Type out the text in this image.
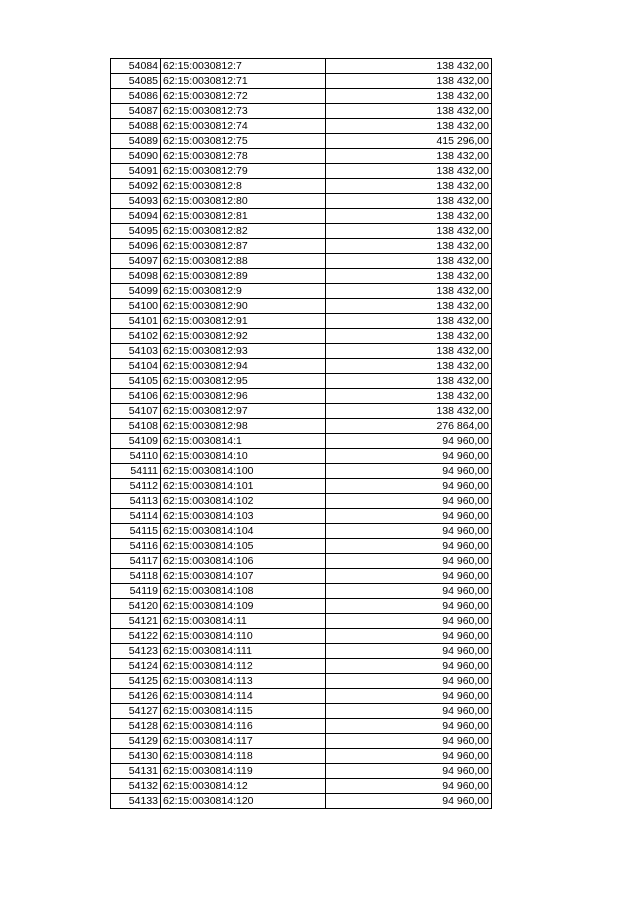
54084	62:15:0030812:7	138 432,00
54085	62:15:0030812:71	138 432,00
54086	62:15:0030812:72	138 432,00
54087	62:15:0030812:73	138 432,00
54088	62:15:0030812:74	138 432,00
54089	62:15:0030812:75	415 296,00
54090	62:15:0030812:78	138 432,00
54091	62:15:0030812:79	138 432,00
54092	62:15:0030812:8	138 432,00
54093	62:15:0030812:80	138 432,00
54094	62:15:0030812:81	138 432,00
54095	62:15:0030812:82	138 432,00
54096	62:15:0030812:87	138 432,00
54097	62:15:0030812:88	138 432,00
54098	62:15:0030812:89	138 432,00
54099	62:15:0030812:9	138 432,00
54100	62:15:0030812:90	138 432,00
54101	62:15:0030812:91	138 432,00
54102	62:15:0030812:92	138 432,00
54103	62:15:0030812:93	138 432,00
54104	62:15:0030812:94	138 432,00
54105	62:15:0030812:95	138 432,00
54106	62:15:0030812:96	138 432,00
54107	62:15:0030812:97	138 432,00
54108	62:15:0030812:98	276 864,00
54109	62:15:0030814:1	94 960,00
54110	62:15:0030814:10	94 960,00
54111	62:15:0030814:100	94 960,00
54112	62:15:0030814:101	94 960,00
54113	62:15:0030814:102	94 960,00
54114	62:15:0030814:103	94 960,00
54115	62:15:0030814:104	94 960,00
54116	62:15:0030814:105	94 960,00
54117	62:15:0030814:106	94 960,00
54118	62:15:0030814:107	94 960,00
54119	62:15:0030814:108	94 960,00
54120	62:15:0030814:109	94 960,00
54121	62:15:0030814:11	94 960,00
54122	62:15:0030814:110	94 960,00
54123	62:15:0030814:111	94 960,00
54124	62:15:0030814:112	94 960,00
54125	62:15:0030814:113	94 960,00
54126	62:15:0030814:114	94 960,00
54127	62:15:0030814:115	94 960,00
54128	62:15:0030814:116	94 960,00
54129	62:15:0030814:117	94 960,00
54130	62:15:0030814:118	94 960,00
54131	62:15:0030814:119	94 960,00
54132	62:15:0030814:12	94 960,00
54133	62:15:0030814:120	94 960,00
